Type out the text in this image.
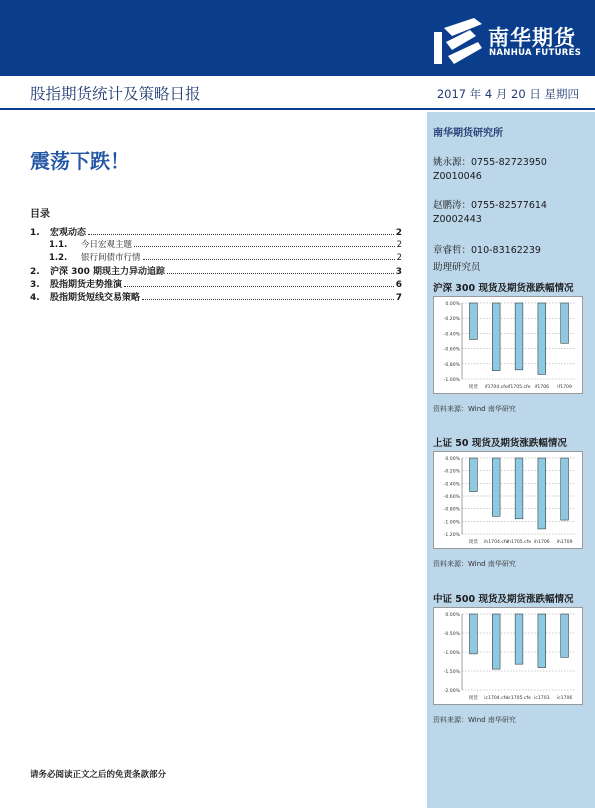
南华期货
NANHUA FUTURES
股指期货统计及策略日报	2017 年 4 月 20 日 星期四
震荡下跌！
目录
1.	宏观动态	2
1.1.	今日宏观主题	2
1.2.	银行间债市行情	2
2.	沪深 300 期现主力异动追踪	3
3.	股指期货走势推演	6
4.	股指期货短线交易策略	7
请务必阅读正文之后的免责条款部分
南华期货研究所
姚永源：0755-82723950
Z0010046
赵鹏涛：0755-82577614
Z0002443
章睿哲：010-83162239
助理研究员
沪深 300 现货及期货涨跌幅情况
0.00%
-0.20%
-0.40%
-0.60%
-0.80%
-1.00%
现货 if1704.cfe if1705.cfe if1706 if1709
资料来源：Wind 南华研究
上证 50 现货及期货涨跌幅情况
0.00%
-0.20%
-0.40%
-0.60%
-0.80%
-1.00%
-1.20%
现货 ih1704.cfe
ih1705.cfe ih1706 ih1709
资料来源：Wind 南华研究
中证 500 现货及期货涨跌幅情况
0.00%
-0.50%
-1.00%
-1.50%
-2.00%
现货 ic1704.cfe
ic1705.cfe ic1703 ic1706
资料来源：Wind 南华研究
